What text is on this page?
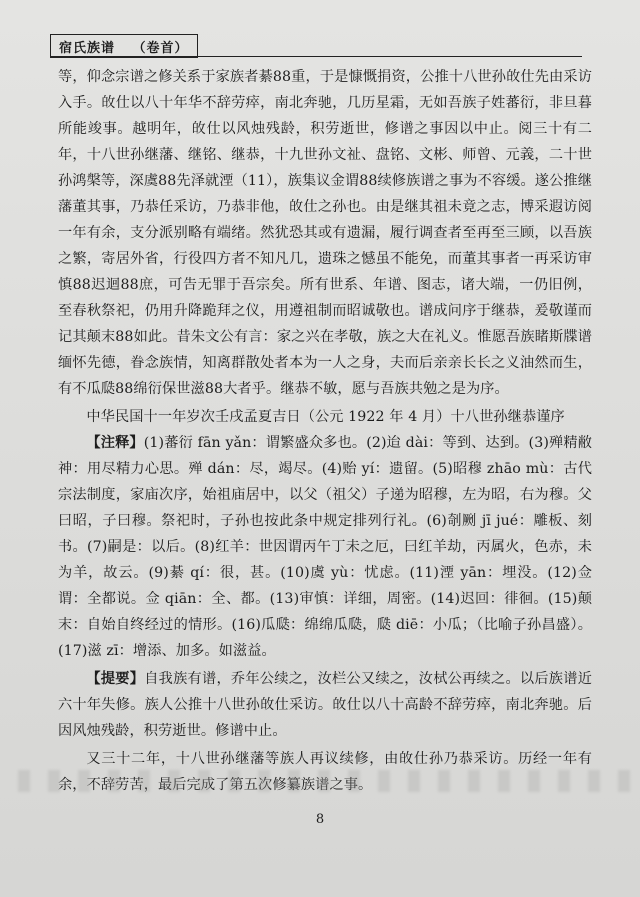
宿氏族谱 （卷首）

等，仰念宗谱之修关系于家族者綦88重，于是慷慨捐资，公推十八世孙敀仕先由采访入手。敀仕以八十年华不辞劳瘁，南北奔驰，几历星霜，无如吾族子姓蕃衍，非旦暮所能竣事。越明年，敀仕以风烛残龄，积劳逝世，修谱之事因以中止。阅三十有二年，十八世孙继藩、继铭、继恭，十九世孙文祉、盘铭、文彬、师曾、元義，二十世孙鸿槃等，深虞88先泽就湮（11），族集议金谓88续修族谱之事为不容缓。遂公推继藩董其事，乃恭任采访，乃恭非他，敀仕之孙也。由是继其祖未竟之志，博采遐访阅一年有余，支分派别略有端绪。然犹恐其或有遗漏，履行调查者至再至三顾，以吾族之繁，寄居外省，行役四方者不知凡几，遗珠之憾虽不能免，而董其事者一再采访审慎88迟迴88庶，可告无罪于吾宗矣。所有世系、年谱、图志，诸大端，一仍旧例，至春秋祭祀，仍用升降跪拜之仪，用遵祖制而昭诚敬也。谱成问序于继恭，爰敬谨而记其颠末88如此。昔朱文公有言：家之兴在孝敬，族之大在礼义。惟愿吾族睹斯牒谱缅怀先德，眷念族情，知离群散处者本为一人之身，夫而后亲亲长长之义油然而生，有不瓜瓞88绵衍保世滋88大者乎。继恭不敏，愿与吾族共勉之是为序。

中华民国十一年岁次壬戌孟夏吉日（公元 1922 年 4 月）十八世孙继恭谨序

【注释】(1)蕃衍 fān yǎn：谓繁盛众多也。(2)迨 dài：等到、达到。(3)殚精敝神：用尽精力心思。殚 dán：尽，竭尽。(4)贻 yí：遗留。(5)昭穆 zhāo mù：古代宗法制度，家庙次序，始祖庙居中，以父（祖父）子递为昭穆，左为昭，右为穆。父曰昭，子曰穆。祭祀时，子孙也按此条中规定排列行礼。(6)剞劂 jī jué：雕板、刻书。(7)嗣是：以后。(8)红羊：世因谓丙午丁未之厄，曰红羊劫，丙属火，色赤，未为羊，故云。(9)綦 qí：很，甚。(10)虞 yù：忧虑。(11)湮 yān：埋没。(12)佥谓：全都说。佥 qiān：全、都。(13)审慎：详细，周密。(14)迟回：徘徊。(15)颠末：自始自终经过的情形。(16)瓜瓞：绵绵瓜瓞，瓞 diē：小瓜；（比喻子孙昌盛）。(17)滋 zī：增添、加多。如滋益。

【提要】自我族有谱，乔年公续之，汝栏公又续之，汝栻公再续之。以后族谱近六十年失修。族人公推十八世孙敀仕采访。敀仕以八十高龄不辞劳瘁，南北奔驰。后因风烛残龄，积劳逝世。修谱中止。

又三十二年，十八世孙继藩等族人再议续修，由敀仕孙乃恭采访。历经一年有余，不辞劳苦，最后完成了第五次修纂族谱之事。

8
